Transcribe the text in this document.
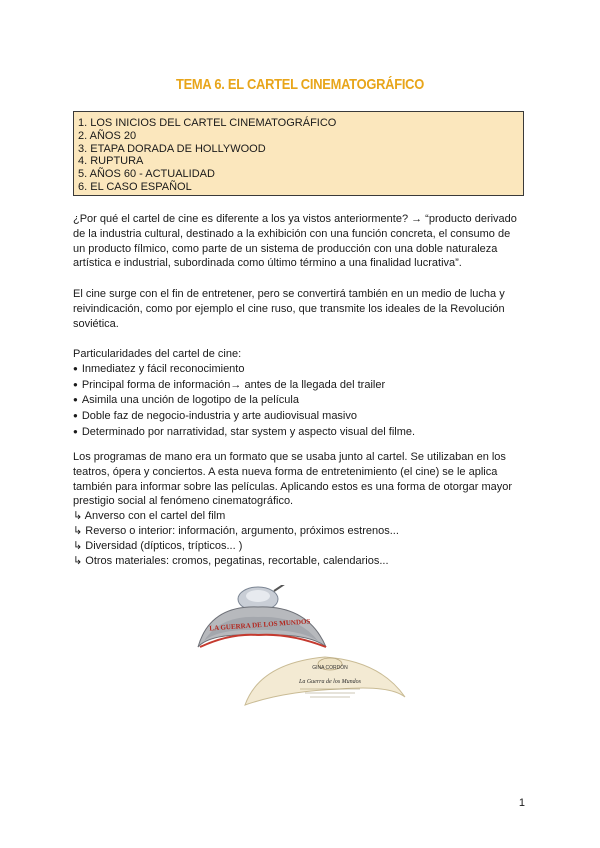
TEMA 6. EL CARTEL CINEMATOGRÁFICO
1. LOS INICIOS DEL CARTEL CINEMATOGRÁFICO
2. AÑOS 20
3. ETAPA DORADA DE HOLLYWOOD
4. RUPTURA
5. AÑOS 60 - ACTUALIDAD
6. EL CASO ESPAÑOL
¿Por qué el cartel de cine es diferente a los ya vistos anteriormente? → “producto derivado
de la industria cultural, destinado a la exhibición con una función concreta, el consumo de
un producto fílmico, como parte de un sistema de producción con una doble naturaleza
artística e industrial, subordinada como último término a una finalidad lucrativa”.
El cine surge con el fin de entretener, pero se convertirá también en un medio de lucha y
reivindicación, como por ejemplo el cine ruso, que transmite los ideales de la Revolución
soviética.
Particularidades del cartel de cine:
● Inmediatez y fácil reconocimiento
● Principal forma de información→ antes de la llegada del trailer
● Asimila una unción de logotipo de la película
● Doble faz de negocio-industria y arte audiovisual masivo
● Determinado por narratividad, star system y aspecto visual del filme.
Los programas de mano era un formato que se usaba junto al cartel. Se utilizaban en los
teatros, ópera y conciertos. A esta nueva forma de entretenimiento (el cine) se le aplica
también para informar sobre las películas. Aplicando estos es una forma de otorgar mayor
prestigio social al fenómeno cinematográfico.
↳ Anverso con el cartel del film
↳ Reverso o interior: información, argumento, próximos estrenos...
↳ Diversidad (dípticos, trípticos... )
↳ Otros materiales: cromos, pegatinas, recortable, calendarios...
LA GUERRA DE LOS MUNDOS
GINA CORDÓN
La Guerra de los Mundos
1
